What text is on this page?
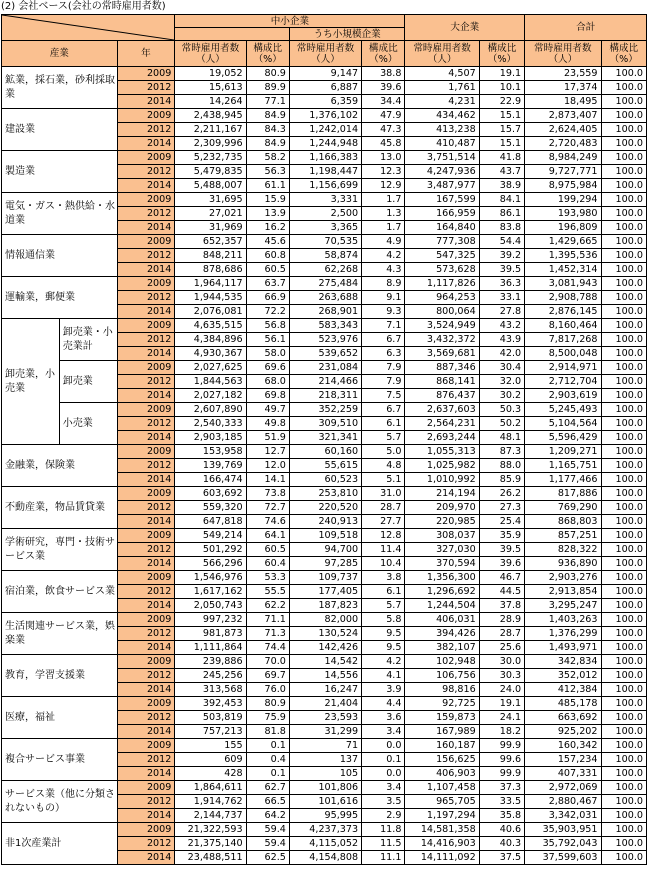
(2) 会社ベース(会社の常時雇用者数)
	中小企業				大企業		合計	
					うち小規模企業					
産業		年	常時雇用者数（人）	構成比（%）	常時雇用者数（人）	構成比（%）	常時雇用者数（人）	構成比（%）	常時雇用者数（人）	構成比（%）
鉱業，採石業，砂利採取業		2009	19,052	80.9	9,147	38.8	4,507	19.1	23,559	100.0
		2012	15,613	89.9	6,887	39.6	1,761	10.1	17,374	100.0
		2014	14,264	77.1	6,359	34.4	4,231	22.9	18,495	100.0
建設業		2009	2,438,945	84.9	1,376,102	47.9	434,462	15.1	2,873,407	100.0
		2012	2,211,167	84.3	1,242,014	47.3	413,238	15.7	2,624,405	100.0
		2014	2,309,996	84.9	1,244,948	45.8	410,487	15.1	2,720,483	100.0
製造業		2009	5,232,735	58.2	1,166,383	13.0	3,751,514	41.8	8,984,249	100.0
		2012	5,479,835	56.3	1,198,447	12.3	4,247,936	43.7	9,727,771	100.0
		2014	5,488,007	61.1	1,156,699	12.9	3,487,977	38.9	8,975,984	100.0
電気・ガス・熱供給・水道業		2009	31,695	15.9	3,331	1.7	167,599	84.1	199,294	100.0
		2012	27,021	13.9	2,500	1.3	166,959	86.1	193,980	100.0
		2014	31,969	16.2	3,365	1.7	164,840	83.8	196,809	100.0
情報通信業		2009	652,357	45.6	70,535	4.9	777,308	54.4	1,429,665	100.0
		2012	848,211	60.8	58,874	4.2	547,325	39.2	1,395,536	100.0
		2014	878,686	60.5	62,268	4.3	573,628	39.5	1,452,314	100.0
運輸業，郵便業		2009	1,964,117	63.7	275,484	8.9	1,117,826	36.3	3,081,943	100.0
		2012	1,944,535	66.9	263,688	9.1	964,253	33.1	2,908,788	100.0
		2014	2,076,081	72.2	268,901	9.3	800,064	27.8	2,876,145	100.0
卸売業，小売業	卸売業・小売業計	2009	4,635,515	56.8	583,343	7.1	3,524,949	43.2	8,160,464	100.0
		2012	4,384,896	56.1	523,976	6.7	3,432,372	43.9	7,817,268	100.0
		2014	4,930,367	58.0	539,652	6.3	3,569,681	42.0	8,500,048	100.0
	卸売業	2009	2,027,625	69.6	231,084	7.9	887,346	30.4	2,914,971	100.0
		2012	1,844,563	68.0	214,466	7.9	868,141	32.0	2,712,704	100.0
		2014	2,027,182	69.8	218,311	7.5	876,437	30.2	2,903,619	100.0
	小売業	2009	2,607,890	49.7	352,259	6.7	2,637,603	50.3	5,245,493	100.0
		2012	2,540,333	49.8	309,510	6.1	2,564,231	50.2	5,104,564	100.0
		2014	2,903,185	51.9	321,341	5.7	2,693,244	48.1	5,596,429	100.0
金融業，保険業		2009	153,958	12.7	60,160	5.0	1,055,313	87.3	1,209,271	100.0
		2012	139,769	12.0	55,615	4.8	1,025,982	88.0	1,165,751	100.0
		2014	166,474	14.1	60,523	5.1	1,010,992	85.9	1,177,466	100.0
不動産業，物品賃貸業		2009	603,692	73.8	253,810	31.0	214,194	26.2	817,886	100.0
		2012	559,320	72.7	220,520	28.7	209,970	27.3	769,290	100.0
		2014	647,818	74.6	240,913	27.7	220,985	25.4	868,803	100.0
学術研究，専門・技術サービス業		2009	549,214	64.1	109,518	12.8	308,037	35.9	857,251	100.0
		2012	501,292	60.5	94,700	11.4	327,030	39.5	828,322	100.0
		2014	566,296	60.4	97,285	10.4	370,594	39.6	936,890	100.0
宿泊業，飲食サービス業		2009	1,546,976	53.3	109,737	3.8	1,356,300	46.7	2,903,276	100.0
		2012	1,617,162	55.5	177,405	6.1	1,296,692	44.5	2,913,854	100.0
		2014	2,050,743	62.2	187,823	5.7	1,244,504	37.8	3,295,247	100.0
生活関連サービス業，娯楽業		2009	997,232	71.1	82,000	5.8	406,031	28.9	1,403,263	100.0
		2012	981,873	71.3	130,524	9.5	394,426	28.7	1,376,299	100.0
		2014	1,111,864	74.4	142,426	9.5	382,107	25.6	1,493,971	100.0
教育，学習支援業		2009	239,886	70.0	14,542	4.2	102,948	30.0	342,834	100.0
		2012	245,256	69.7	14,556	4.1	106,756	30.3	352,012	100.0
		2014	313,568	76.0	16,247	3.9	98,816	24.0	412,384	100.0
医療，福祉		2009	392,453	80.9	21,404	4.4	92,725	19.1	485,178	100.0
		2012	503,819	75.9	23,593	3.6	159,873	24.1	663,692	100.0
		2014	757,213	81.8	31,299	3.4	167,989	18.2	925,202	100.0
複合サービス事業		2009	155	0.1	71	0.0	160,187	99.9	160,342	100.0
		2012	609	0.4	137	0.1	156,625	99.6	157,234	100.0
		2014	428	0.1	105	0.0	406,903	99.9	407,331	100.0
サービス業（他に分類されないもの）		2009	1,864,611	62.7	101,806	3.4	1,107,458	37.3	2,972,069	100.0
		2012	1,914,762	66.5	101,616	3.5	965,705	33.5	2,880,467	100.0
		2014	2,144,737	64.2	95,995	2.9	1,197,294	35.8	3,342,031	100.0
非1次産業計		2009	21,322,593	59.4	4,237,373	11.8	14,581,358	40.6	35,903,951	100.0
		2012	21,375,140	59.4	4,115,052	11.5	14,416,903	40.3	35,792,043	100.0
		2014	23,488,511	62.5	4,154,808	11.1	14,111,092	37.5	37,599,603	100.0
